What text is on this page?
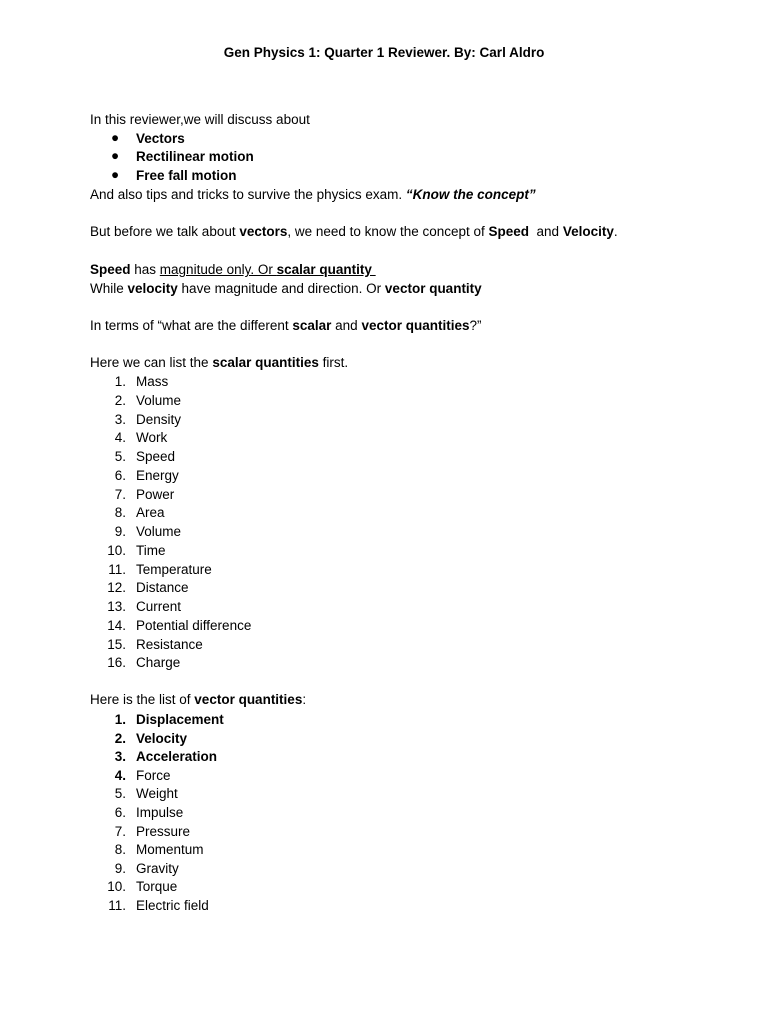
Gen Physics 1: Quarter 1 Reviewer. By: Carl Aldro
In this reviewer,we will discuss about
● Vectors
● Rectilinear motion
● Free fall motion
And also tips and tricks to survive the physics exam. “Know the concept”
But before we talk about vectors, we need to know the concept of Speed  and Velocity.
Speed has magnitude only. Or scalar quantity
While velocity have magnitude and direction. Or vector quantity
In terms of “what are the different scalar and vector quantities?”
Here we can list the scalar quantities first.
1. Mass
2. Volume
3. Density
4. Work
5. Speed
6. Energy
7. Power
8. Area
9. Volume
10. Time
11. Temperature
12. Distance
13. Current
14. Potential difference
15. Resistance
16. Charge
Here is the list of vector quantities:
1. Displacement
2. Velocity
3. Acceleration
4. Force
5. Weight
6. Impulse
7. Pressure
8. Momentum
9. Gravity
10. Torque
11. Electric field
